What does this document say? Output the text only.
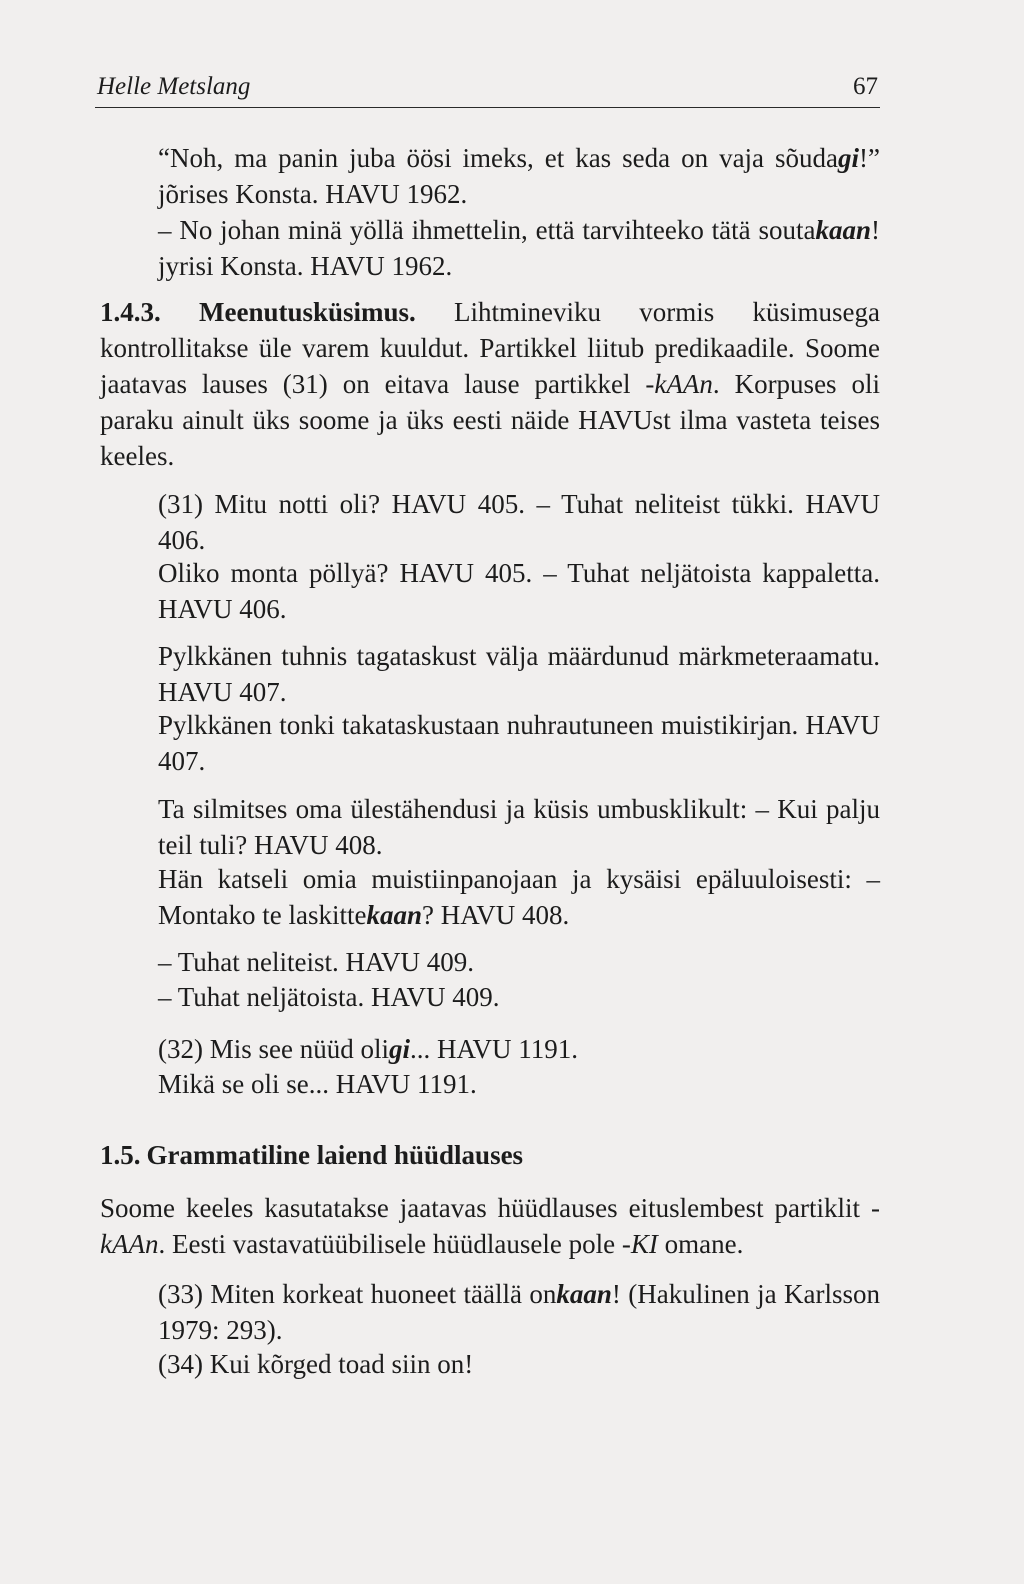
Helle Metslang	67
“Noh, ma panin juba öösi imeks, et kas seda on vaja sõudagi!” jõrises Konsta. HAVU 1962.
– No johan minä yöllä ihmettelin, että tarvihteeko tätä soutakaan! jyrisi Konsta. HAVU 1962.
1.4.3. Meenutusküsimus. Lihtmineviku vormis küsimusega kontrollitakse üle varem kuuldut. Partikkel liitub predikaadile. Soome jaatavas lauses (31) on eitava lause partikkel -kAAn. Korpuses oli paraku ainult üks soome ja üks eesti näide HAVUst ilma vasteta teises keeles.
(31) Mitu notti oli? HAVU 405. – Tuhat neliteist tükki. HAVU 406.
Oliko monta pöllyä? HAVU 405. – Tuhat neljätoista kappaletta. HAVU 406.
Pylkkänen tuhnis tagataskust välja määrdunud märkmeteraamatu. HAVU 407.
Pylkkänen tonki takataskustaan nuhrautuneen muistikirjan. HAVU 407.
Ta silmitses oma ülestähendusi ja küsis umbusklikult: – Kui palju teil tuli? HAVU 408.
Hän katseli omia muistiinpanojaan ja kysäisi epäluuloisesti: – Montako te laskittekaan? HAVU 408.
– Tuhat neliteist. HAVU 409.
– Tuhat neljätoista. HAVU 409.
(32) Mis see nüüd oligi... HAVU 1191.
Mikä se oli se... HAVU 1191.
1.5. Grammatiline laiend hüüdlauses
Soome keeles kasutatakse jaatavas hüüdlauses eituslembest partiklit -kAAn. Eesti vastavatüübilisele hüüdlausele pole -KI omane.
(33) Miten korkeat huoneet täällä onkaan! (Hakulinen ja Karlsson 1979: 293).
(34) Kui kõrged toad siin on!
